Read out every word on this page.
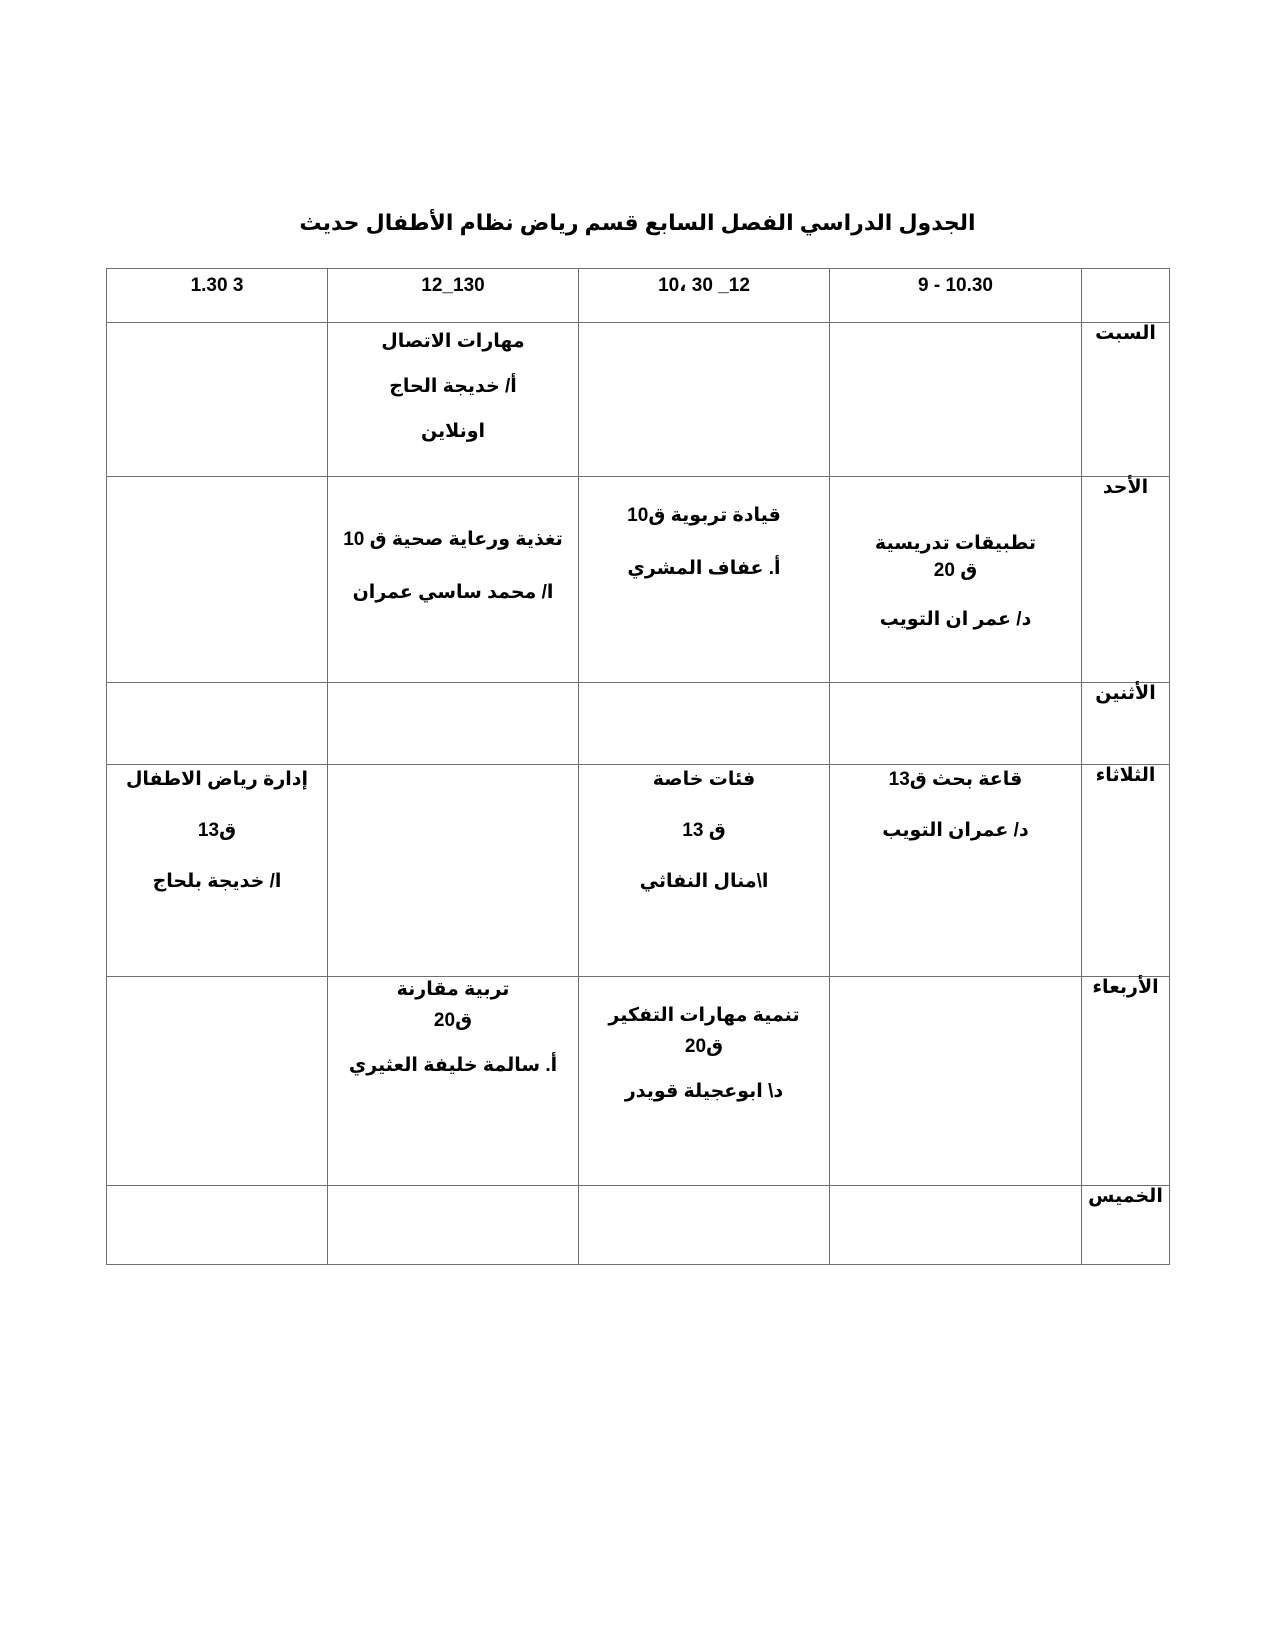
الجدول الدراسي الفصل السابع قسم رياض نظام الأطفال حديث
	10.30 - 9	12_ 30 ،10	130_12	3 1.30
السبت			مهارات الاتصال
أ/ خديجة الحاج
اونلاين	

الأحد	تطبيقات تدريسية
ق 20
د/ عمر ان التويب	قيادة تربوية ق10
أ. عفاف المشري	تغذية ورعاية صحية ق 10
ا/ محمد ساسي عمران	

الأثنين				
الثلاثاء	قاعة بحث ق13
د/ عمران التويب	فئات خاصة
ق 13
ا\منال النفاثي		إدارة رياض الاطفال
ق13
ا/ خديجة بلحاج

الأربعاء		تنمية مهارات التفكير
ق20
د\ ابوعجيلة قويدر	تربية مقارنة
ق20
أ. سالمة خليفة العثيري	

الخميس				
